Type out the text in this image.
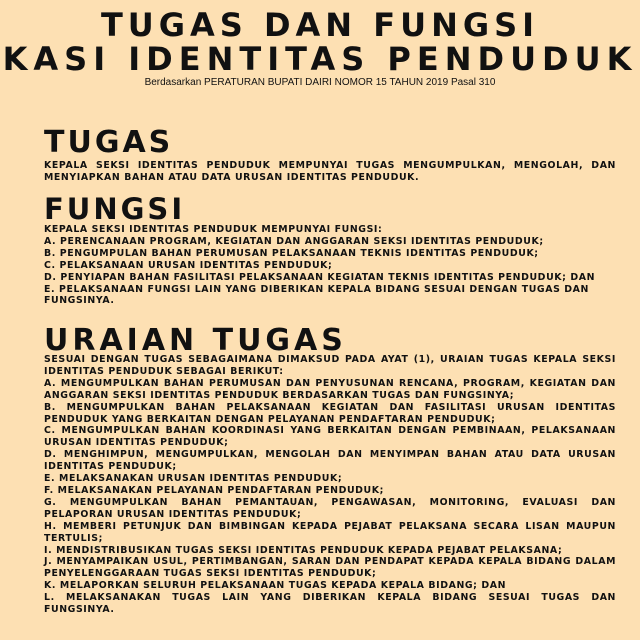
TUGAS DAN FUNGSI
KASI IDENTITAS PENDUDUK
Berdasarkan PERATURAN BUPATI DAIRI NOMOR 15 TAHUN 2019 Pasal 310
TUGAS

KEPALA SEKSI IDENTITAS PENDUDUK MEMPUNYAI TUGAS MENGUMPULKAN, MENGOLAH, DAN MENYIAPKAN BAHAN ATAU DATA URUSAN IDENTITAS PENDUDUK.

FUNGSI

KEPALA SEKSI IDENTITAS PENDUDUK MEMPUNYAI FUNGSI:

A. PERENCANAAN PROGRAM, KEGIATAN DAN ANGGARAN SEKSI IDENTITAS PENDUDUK;

B. PENGUMPULAN BAHAN PERUMUSAN PELAKSANAAN TEKNIS IDENTITAS PENDUDUK;

C. PELAKSANAAN URUSAN IDENTITAS PENDUDUK;

D. PENYIAPAN BAHAN FASILITASI PELAKSANAAN KEGIATAN TEKNIS IDENTITAS PENDUDUK; DAN

E. PELAKSANAAN FUNGSI LAIN YANG DIBERIKAN KEPALA BIDANG SESUAI DENGAN TUGAS DAN FUNGSINYA.

URAIAN TUGAS

SESUAI DENGAN TUGAS SEBAGAIMANA DIMAKSUD PADA AYAT (1), URAIAN TUGAS KEPALA SEKSI IDENTITAS PENDUDUK SEBAGAI BERIKUT:

A. MENGUMPULKAN BAHAN PERUMUSAN DAN PENYUSUNAN RENCANA, PROGRAM, KEGIATAN DAN ANGGARAN SEKSI IDENTITAS PENDUDUK BERDASARKAN TUGAS DAN FUNGSINYA;

B. MENGUMPULKAN BAHAN PELAKSANAAN KEGIATAN DAN FASILITASI URUSAN IDENTITAS PENDUDUK YANG BERKAITAN DENGAN PELAYANAN PENDAFTARAN PENDUDUK;

C. MENGUMPULKAN BAHAN KOORDINASI YANG BERKAITAN DENGAN PEMBINAAN, PELAKSANAAN URUSAN IDENTITAS PENDUDUK;

D. MENGHIMPUN, MENGUMPULKAN, MENGOLAH DAN MENYIMPAN BAHAN ATAU DATA URUSAN IDENTITAS PENDUDUK;

E. MELAKSANAKAN URUSAN IDENTITAS PENDUDUK;

F. MELAKSANAKAN PELAYANAN PENDAFTARAN PENDUDUK;

G. MENGUMPULKAN BAHAN PEMANTAUAN, PENGAWASAN, MONITORING, EVALUASI DAN PELAPORAN URUSAN IDENTITAS PENDUDUK;

H. MEMBERI PETUNJUK DAN BIMBINGAN KEPADA PEJABAT PELAKSANA SECARA LISAN MAUPUN TERTULIS;

I. MENDISTRIBUSIKAN TUGAS SEKSI IDENTITAS PENDUDUK KEPADA PEJABAT PELAKSANA;

J. MENYAMPAIKAN USUL, PERTIMBANGAN, SARAN DAN PENDAPAT KEPADA KEPALA BIDANG DALAM PENYELENGGARAAN TUGAS SEKSI IDENTITAS PENDUDUK;

K. MELAPORKAN SELURUH PELAKSANAAN TUGAS KEPADA KEPALA BIDANG; DAN

L. MELAKSANAKAN TUGAS LAIN YANG DIBERIKAN KEPALA BIDANG SESUAI TUGAS DAN FUNGSINYA.
